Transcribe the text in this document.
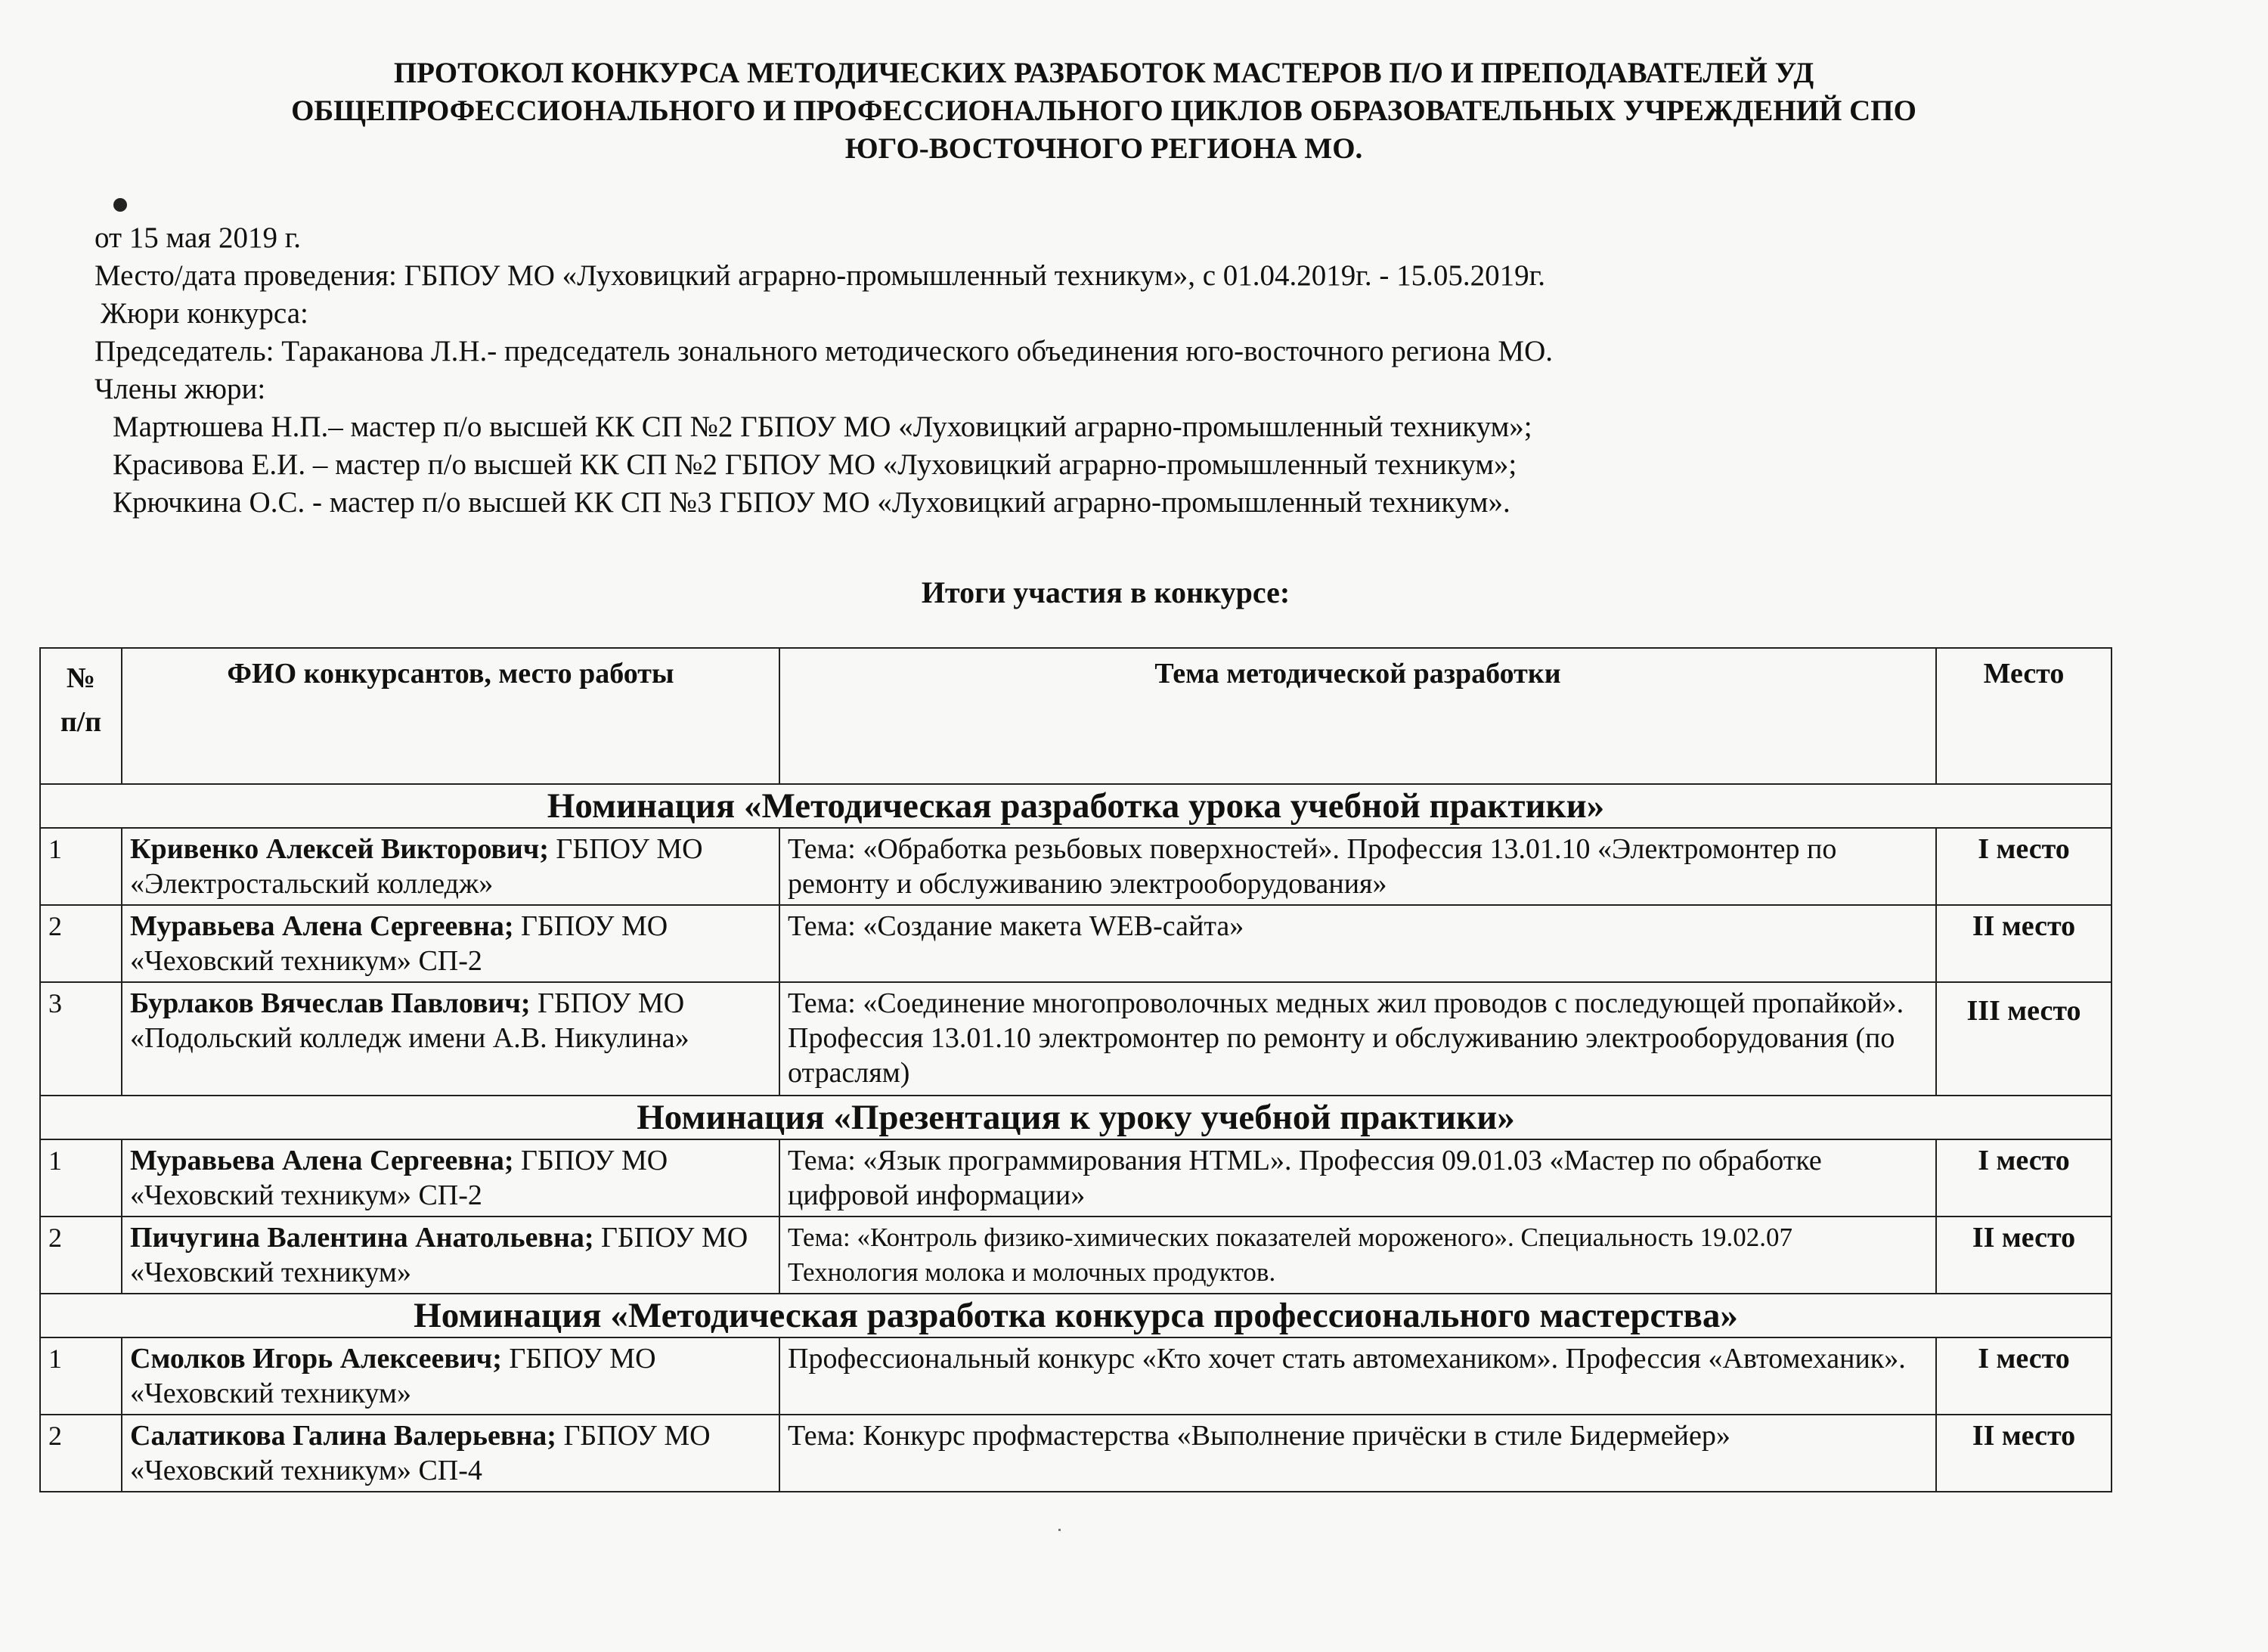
ПРОТОКОЛ КОНКУРСА МЕТОДИЧЕСКИХ РАЗРАБОТОК МАСТЕРОВ П/О И ПРЕПОДАВАТЕЛЕЙ УД
ОБЩЕПРОФЕССИОНАЛЬНОГО И ПРОФЕССИОНАЛЬНОГО ЦИКЛОВ ОБРАЗОВАТЕЛЬНЫХ УЧРЕЖДЕНИЙ СПО
ЮГО-ВОСТОЧНОГО РЕГИОНА МО.
от 15 мая 2019 г.
Место/дата проведения: ГБПОУ МО «Луховицкий аграрно-промышленный техникум», с 01.04.2019г. - 15.05.2019г.
Жюри конкурса:
Председатель: Тараканова Л.Н.- председатель зонального методического объединения юго-восточного региона МО.
Члены жюри:
Мартюшева Н.П.– мастер п/о высшей КК СП №2 ГБПОУ МО «Луховицкий аграрно-промышленный техникум»;
Красивова Е.И. – мастер п/о высшей КК СП №2 ГБПОУ МО «Луховицкий аграрно-промышленный техникум»;
Крючкина О.С. - мастер п/о высшей КК СП №3 ГБПОУ МО «Луховицкий аграрно-промышленный техникум».
Итоги участия в конкурсе:
№
п/п	ФИО конкурсантов, место работы	Тема методической разработки	Место
Номинация «Методическая разработка урока учебной практики»			
1	Кривенко Алексей Викторович; ГБПОУ МО «Электростальский колледж»	Тема: «Обработка резьбовых поверхностей». Профессия 13.01.10 «Электромонтер по ремонту и обслуживанию электрооборудования»	I место
2	Муравьева Алена Сергеевна; ГБПОУ МО «Чеховский техникум» СП-2	Тема: «Создание макета WEB-сайта»	II место
3	Бурлаков Вячеслав Павлович; ГБПОУ МО «Подольский колледж имени А.В. Никулина»	Тема: «Соединение многопроволочных медных жил проводов с последующей пропайкой». Профессия 13.01.10 электромонтер по ремонту и обслуживанию электрооборудования (по отраслям)	III место
Номинация «Презентация к уроку учебной практики»			
1	Муравьева Алена Сергеевна; ГБПОУ МО «Чеховский техникум» СП-2	Тема: «Язык программирования HTML». Профессия 09.01.03 «Мастер по обработке цифровой информации»	I место
2	Пичугина Валентина Анатольевна; ГБПОУ МО «Чеховский техникум»	Тема: «Контроль физико-химических показателей мороженого». Специальность 19.02.07 Технология молока и молочных продуктов.	II место
Номинация «Методическая разработка конкурса профессионального мастерства»			
1	Смолков Игорь Алексеевич; ГБПОУ МО «Чеховский техникум»	Профессиональный конкурс «Кто хочет стать автомехаником». Профессия «Автомеханик».	I место
2	Салатикова Галина Валерьевна; ГБПОУ МО «Чеховский техникум» СП-4	Тема: Конкурс профмастерства «Выполнение причёски в стиле Бидермейер»	II место
